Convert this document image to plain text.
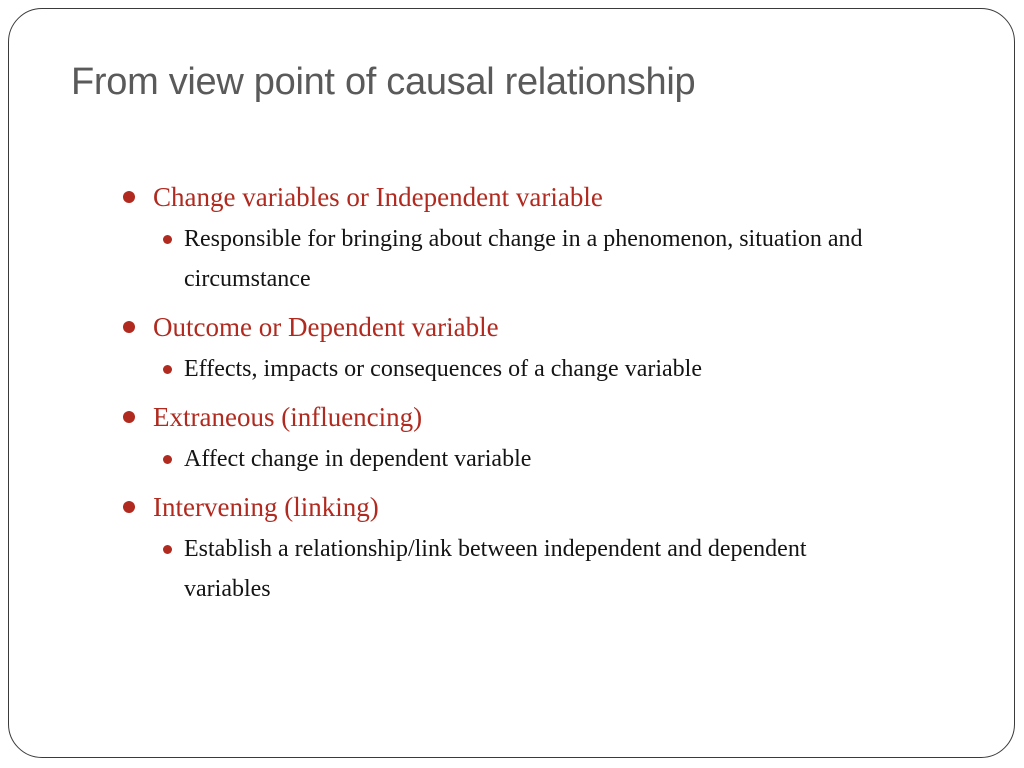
From view point of causal relationship
Change variables or Independent variable
Responsible for bringing about change in a phenomenon, situation and circumstance
Outcome or Dependent variable
Effects, impacts or consequences of a change variable
Extraneous (influencing)
Affect change in dependent variable
Intervening (linking)
Establish a relationship/link between independent and dependent variables
